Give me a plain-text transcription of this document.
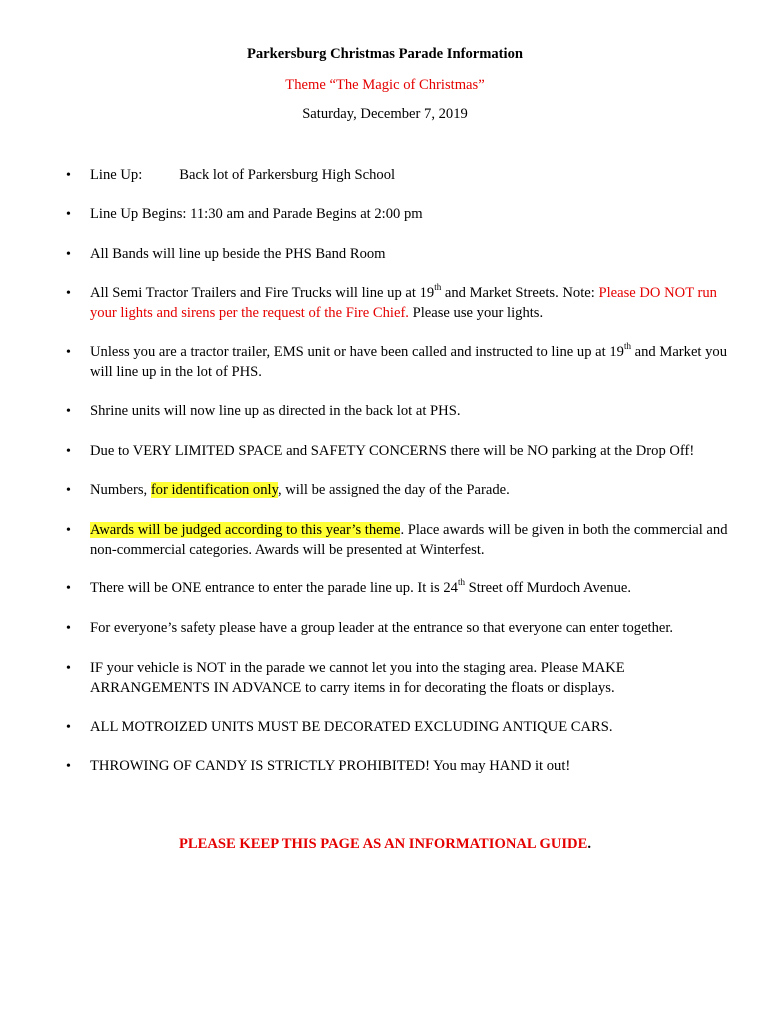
Parkersburg Christmas Parade Information
Theme “The Magic of Christmas”
Saturday, December 7, 2019
• Line Up:	Back lot of Parkersburg High School
• Line Up Begins: 11:30 am and Parade Begins at 2:00 pm
• All Bands will line up beside the PHS Band Room
• All Semi Tractor Trailers and Fire Trucks will line up at 19th and Market Streets. Note: Please DO NOT run your lights and sirens per the request of the Fire Chief. Please use your lights.
• Unless you are a tractor trailer, EMS unit or have been called and instructed to line up at 19th and Market you will line up in the lot of PHS.
• Shrine units will now line up as directed in the back lot at PHS.
• Due to VERY LIMITED SPACE and SAFETY CONCERNS there will be NO parking at the Drop Off!
• Numbers, for identification only, will be assigned the day of the Parade.
• Awards will be judged according to this year’s theme. Place awards will be given in both the commercial and non-commercial categories. Awards will be presented at Winterfest.
• There will be ONE entrance to enter the parade line up. It is 24th Street off Murdoch Avenue.
• For everyone’s safety please have a group leader at the entrance so that everyone can enter together.
• IF your vehicle is NOT in the parade we cannot let you into the staging area. Please MAKE ARRANGEMENTS IN ADVANCE to carry items in for decorating the floats or displays.
• ALL MOTROIZED UNITS MUST BE DECORATED EXCLUDING ANTIQUE CARS.
• THROWING OF CANDY IS STRICTLY PROHIBITED! You may HAND it out!
PLEASE KEEP THIS PAGE AS AN INFORMATIONAL GUIDE.
